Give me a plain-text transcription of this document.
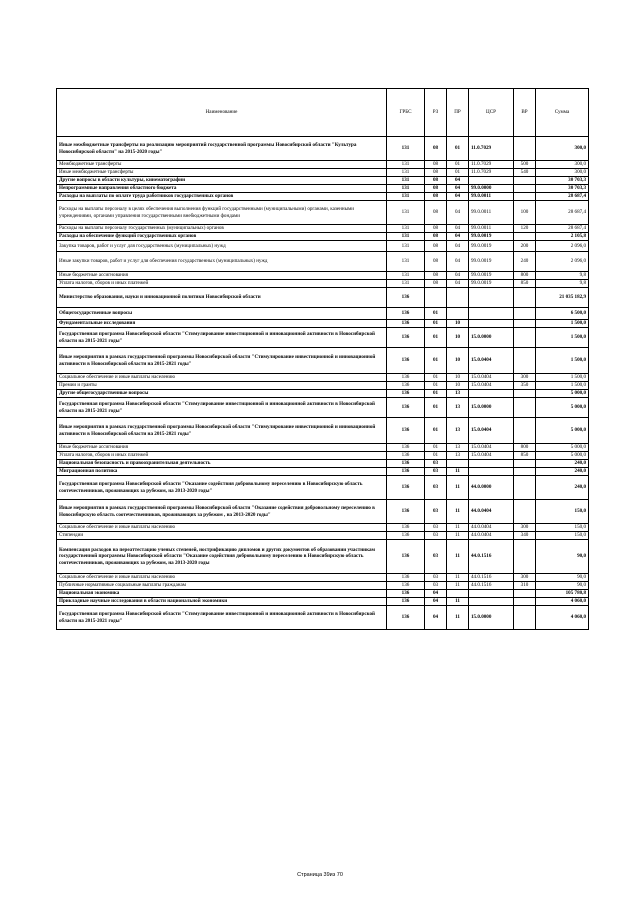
Наименование	ГРБС	РЗ	ПР	ЦСР	ВР	Сумма
Иные межбюджетные трансферты на реализацию мероприятий государственной программы Новосибирской области "Культура Новосибирской области" на 2015-2020 годы"	131	08	01	11.0.7029		300,0
Межбюджетные трансферты	131	08	01	11.0.7029	500	300,0
Иные межбюджетные трансферты	131	08	01	11.0.7029	540	300,0
Другие вопросы в области культуры, кинематографии	131	08	04			30 703,3
Непрограммные направления областного бюджета	131	08	04	99.0.0000		30 703,3
Расходы на выплаты по оплате труда работников государственных органов	131	08	04	99.0.0011		28 687,4
Расходы на выплаты персоналу в целях обеспечения выполнения функций государственными (муниципальными) органами, казенными учреждениями, органами управления государственными внебюджетными фондами	131	08	04	99.0.0011	100	28 687,4
Расходы на выплаты персоналу государственных (муниципальных) органов	131	08	04	99.0.0011	120	28 687,4
Расходы на обеспечение функций государственных органов	131	08	04	99.0.0019		2 105,8
Закупка товаров, работ и услуг для государственных (муниципальных) нужд	131	08	04	99.0.0019	200	2 096,0
Иные закупки товаров, работ и услуг для обеспечения государственных (муниципальных) нужд	131	08	04	99.0.0019	240	2 096,0
Иные бюджетные ассигнования	131	08	04	99.0.0019	800	9,8
Уплата налогов, сборов и иных платежей	131	08	04	99.0.0019	850	9,8
Министерство образования, науки и инновационной политики Новосибирской области	136					21 035 182,9
Общегосударственные вопросы	136	01				6 500,0
Фундаментальные исследования	136	01	10			1 500,0
Государственная программа Новосибирской области "Стимулирование инвестиционной и инновационной активности в Новосибирской области на 2015-2021 годы"	136	01	10	15.0.0000		1 500,0
Иные мероприятия в рамках государственной программы Новосибирской области "Стимулирование инвестиционной и инновационной активности в Новосибирской области на 2015-2021 годы"	136	01	10	15.0.0404		1 500,0
Социальное обеспечение и иные выплаты населению	136	01	10	15.0.0404	300	1 500,0
Премии и гранты	136	01	10	15.0.0404	350	1 500,0
Другие общегосударственные вопросы	136	01	13			5 000,0
Государственная программа Новосибирской области "Стимулирование инвестиционной и инновационной активности в Новосибирской области на 2015-2021 годы"	136	01	13	15.0.0000		5 000,0
Иные мероприятия в рамках государственной программы Новосибирской области "Стимулирование инвестиционной и инновационной активности в Новосибирской области на 2015-2021 годы"	136	01	13	15.0.0404		5 000,0
Иные бюджетные ассигнования	136	01	13	15.0.0404	800	5 000,0
Уплата налогов, сборов и иных платежей	136	01	13	15.0.0404	850	5 000,0
Национальная безопасность и правоохранительная деятельность	136	03				240,0
Миграционная политика	136	03	11			240,0
Государственная программа Новосибирской области "Оказание содействия добровольному переселению в Новосибирскую область соотечественников, проживающих за рубежом, на 2013-2020 годы"	136	03	11	44.0.0000		240,0
Иные мероприятия в рамках государственной программы Новосибирской области "Оказание содействия добровольному переселению в Новосибирскую область соотечественников, проживающих за рубежом , на 2013-2020 годы"	136	03	11	44.0.0404		150,0
Социальное обеспечение и иные выплаты населению	136	03	11	44.0.0404	300	150,0
Стипендии	136	03	11	44.0.0404	340	150,0
Компенсация расходов на переаттестацию ученых степеней, нострификацию дипломов и других документов об образовании участникам государственной программы Новосибирской области "Оказание содействия добровольному переселению в Новосибирскую область соотечественников, проживающих за рубежом, на 2013-2020 годы	136	03	11	44.0.1516		90,0
Социальное обеспечение и иные выплаты населению	136	03	11	44.0.1516	300	90,0
Публичные нормативные социальные выплаты гражданам	136	03	11	44.0.1516	310	90,0
Национальная экономика	136	04				105 780,8
Прикладные научные исследования в области национальной экономики	136	04	11			4 060,0
Государственная программа Новосибирской области "Стимулирование инвестиционной и инновационной активности в Новосибирской области на 2015-2021 годы"	136	04	11	15.0.0000		4 060,0
Страница 39из 70
